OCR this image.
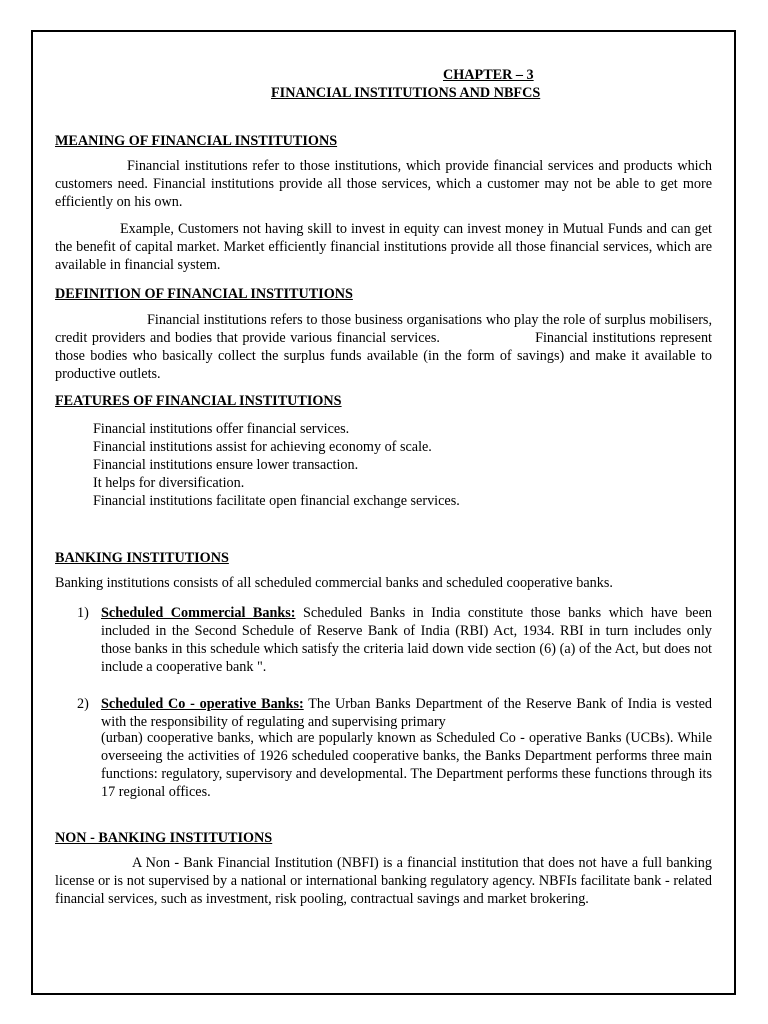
CHAPTER – 3
FINANCIAL INSTITUTIONS AND NBFCS
MEANING OF FINANCIAL INSTITUTIONS
Financial institutions refer to those institutions, which provide financial services and products which customers need. Financial institutions provide all those services, which a customer may not be able to get more efficiently on his own.
Example, Customers not having skill to invest in equity can invest money in Mutual Funds and can get the benefit of capital market. Market efficiently financial institutions provide all those financial services, which are available in financial system.
DEFINITION OF FINANCIAL INSTITUTIONS
Financial institutions refers to those business organisations who play the role of surplus mobilisers, credit providers and bodies that provide various financial services.                     Financial institutions represent those bodies who basically collect the surplus funds available (in the form of savings) and make it available to productive outlets.
FEATURES OF FINANCIAL INSTITUTIONS
Financial institutions offer financial services.
Financial institutions assist for achieving economy of scale.
Financial institutions ensure lower transaction.
It helps for diversification.
Financial institutions facilitate open financial exchange services.
BANKING INSTITUTIONS
Banking institutions consists of all scheduled commercial banks and scheduled cooperative banks.
1) Scheduled Commercial Banks: Scheduled Banks in India constitute those banks which have been included in the Second Schedule of Reserve Bank of India (RBI) Act, 1934. RBI in turn includes only those banks in this schedule which satisfy the criteria laid down vide section (6) (a) of the Act, but does not include a cooperative bank ".
2) Scheduled Co - operative Banks: The Urban Banks Department of the Reserve Bank of India is vested with the responsibility of regulating and supervising primary
(urban) cooperative banks, which are popularly known as Scheduled Co - operative Banks (UCBs). While overseeing the activities of 1926 scheduled cooperative banks, the Banks Department performs three main functions: regulatory, supervisory and developmental. The Department performs these functions through its 17 regional offices.
NON - BANKING INSTITUTIONS
A Non - Bank Financial Institution (NBFI) is a financial institution that does not have a full banking license or is not supervised by a national or international banking regulatory agency. NBFIs facilitate bank - related financial services, such as investment, risk pooling, contractual savings and market brokering.
